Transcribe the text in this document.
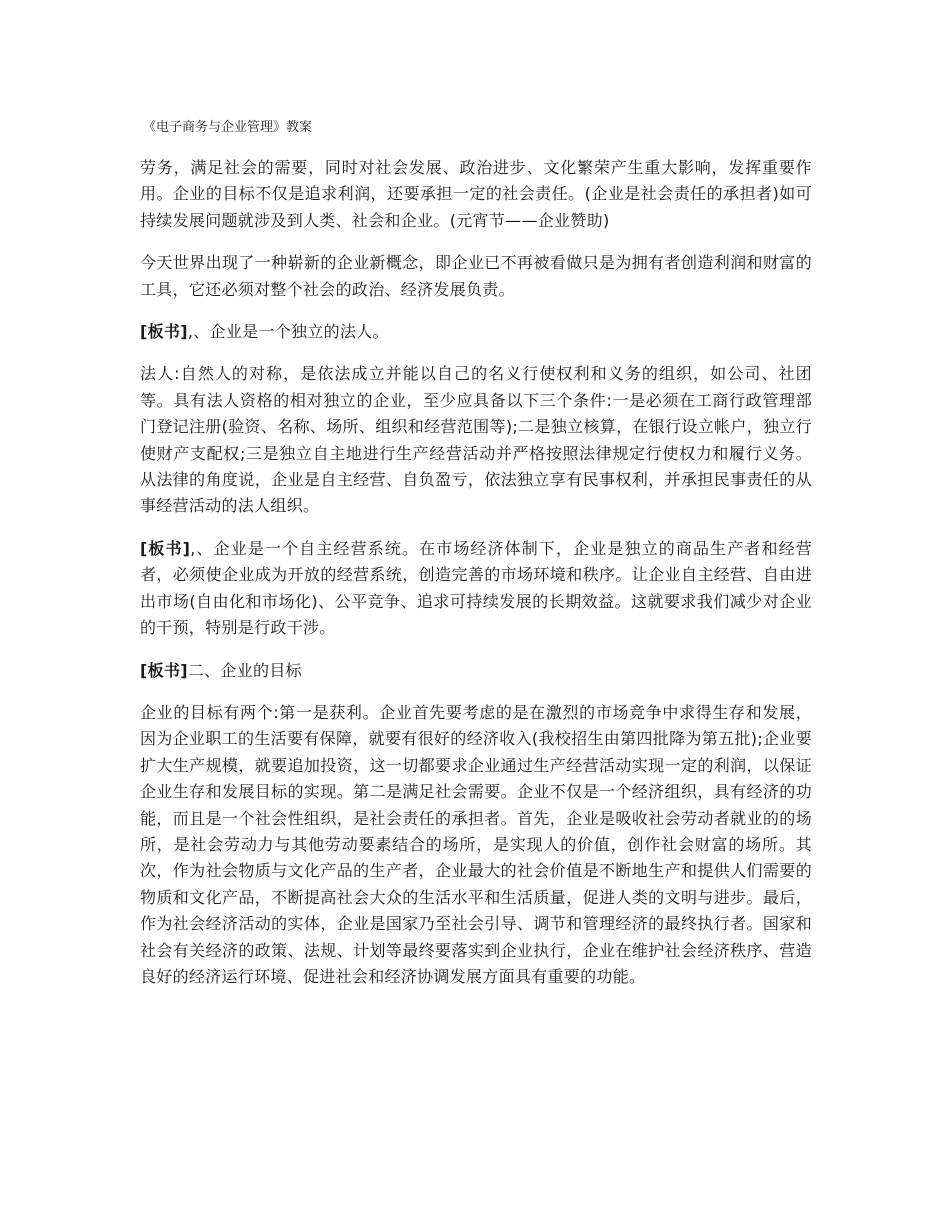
《电子商务与企业管理》教案

劳务，满足社会的需要，同时对社会发展、政治进步、文化繁荣产生重大影响，发挥重要作用。企业的目标不仅是追求利润，还要承担一定的社会责任。(企业是社会责任的承担者)如可持续发展问题就涉及到人类、社会和企业。(元宵节——企业赞助)

今天世界出现了一种崭新的企业新概念，即企业已不再被看做只是为拥有者创造利润和财富的工具，它还必须对整个社会的政治、经济发展负责。

[板书],、企业是一个独立的法人。

法人:自然人的对称，是依法成立并能以自己的名义行使权利和义务的组织，如公司、社团等。具有法人资格的相对独立的企业，至少应具备以下三个条件:一是必须在工商行政管理部门登记注册(验资、名称、场所、组织和经营范围等);二是独立核算，在银行设立帐户，独立行使财产支配权;三是独立自主地进行生产经营活动并严格按照法律规定行使权力和履行义务。从法律的角度说，企业是自主经营、自负盈亏，依法独立享有民事权利，并承担民事责任的从事经营活动的法人组织。

[板书],、企业是一个自主经营系统。在市场经济体制下，企业是独立的商品生产者和经营者，必须使企业成为开放的经营系统，创造完善的市场环境和秩序。让企业自主经营、自由进出市场(自由化和市场化)、公平竞争、追求可持续发展的长期效益。这就要求我们减少对企业的干预，特别是行政干涉。

[板书]二、企业的目标

企业的目标有两个:第一是获利。企业首先要考虑的是在激烈的市场竞争中求得生存和发展，因为企业职工的生活要有保障，就要有很好的经济收入(我校招生由第四批降为第五批);企业要扩大生产规模，就要追加投资，这一切都要求企业通过生产经营活动实现一定的利润，以保证企业生存和发展目标的实现。第二是满足社会需要。企业不仅是一个经济组织，具有经济的功能，而且是一个社会性组织，是社会责任的承担者。首先，企业是吸收社会劳动者就业的的场所，是社会劳动力与其他劳动要素结合的场所，是实现人的价值，创作社会财富的场所。其次，作为社会物质与文化产品的生产者，企业最大的社会价值是不断地生产和提供人们需要的物质和文化产品，不断提高社会大众的生活水平和生活质量，促进人类的文明与进步。最后，作为社会经济活动的实体，企业是国家乃至社会引导、调节和管理经济的最终执行者。国家和社会有关经济的政策、法规、计划等最终要落实到企业执行，企业在维护社会经济秩序、营造良好的经济运行环境、促进社会和经济协调发展方面具有重要的功能。
